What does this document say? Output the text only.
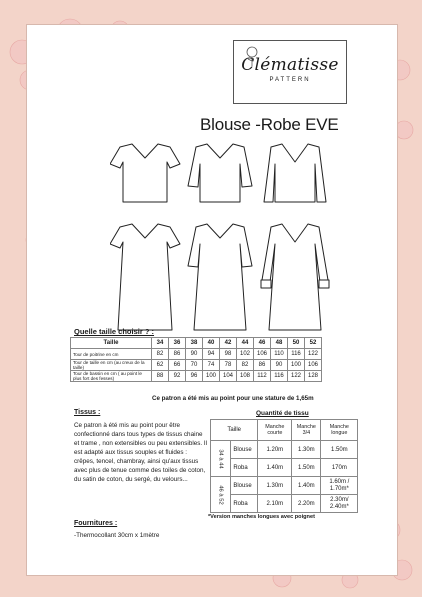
Clématisse
PATTERN
Blouse -Robe EVE
Quelle taille choisir ? :
Taille	34	36	38	40	42	44	46	48	50	52
Tour de poitrine en cm	82	86	90	94	98	102	106	110	116	122
Tour de taille en cm (au creux de la taille)	62	66	70	74	78	82	86	90	100	106
Tour de bassin en cm ( au point le plus fort des fesses)	88	92	96	100	104	108	112	116	122	128
Ce patron a été mis au point pour une stature de 1,65m
Tissus :
Ce patron à été mis au point pour être confectionné dans tous types de tissus chaine et trame , non extensibles ou peu extensibles. Il est adapté aux tissus souples et fluides : crêpes, tencel, chambray, ainsi qu'aux tissus avec plus de tenue comme des toiles de coton, du satin de coton, du sergé, du velours...
Fournitures :
-Thermocollant 30cm x 1mètre
Quantité de tissu
Taille		Manche courte	Manche 3/4	Manche longue
34 à 44	Blouse	1.20m	1.30m	1.50m
	Roba	1.40m	1.50m	170m
46 à 52	Blouse	1.30m	1.40m	1.60m / 1.70m*
	Roba	2.10m	2.20m	2.30m/ 2.40m*
*Version manches longues avec poignet
